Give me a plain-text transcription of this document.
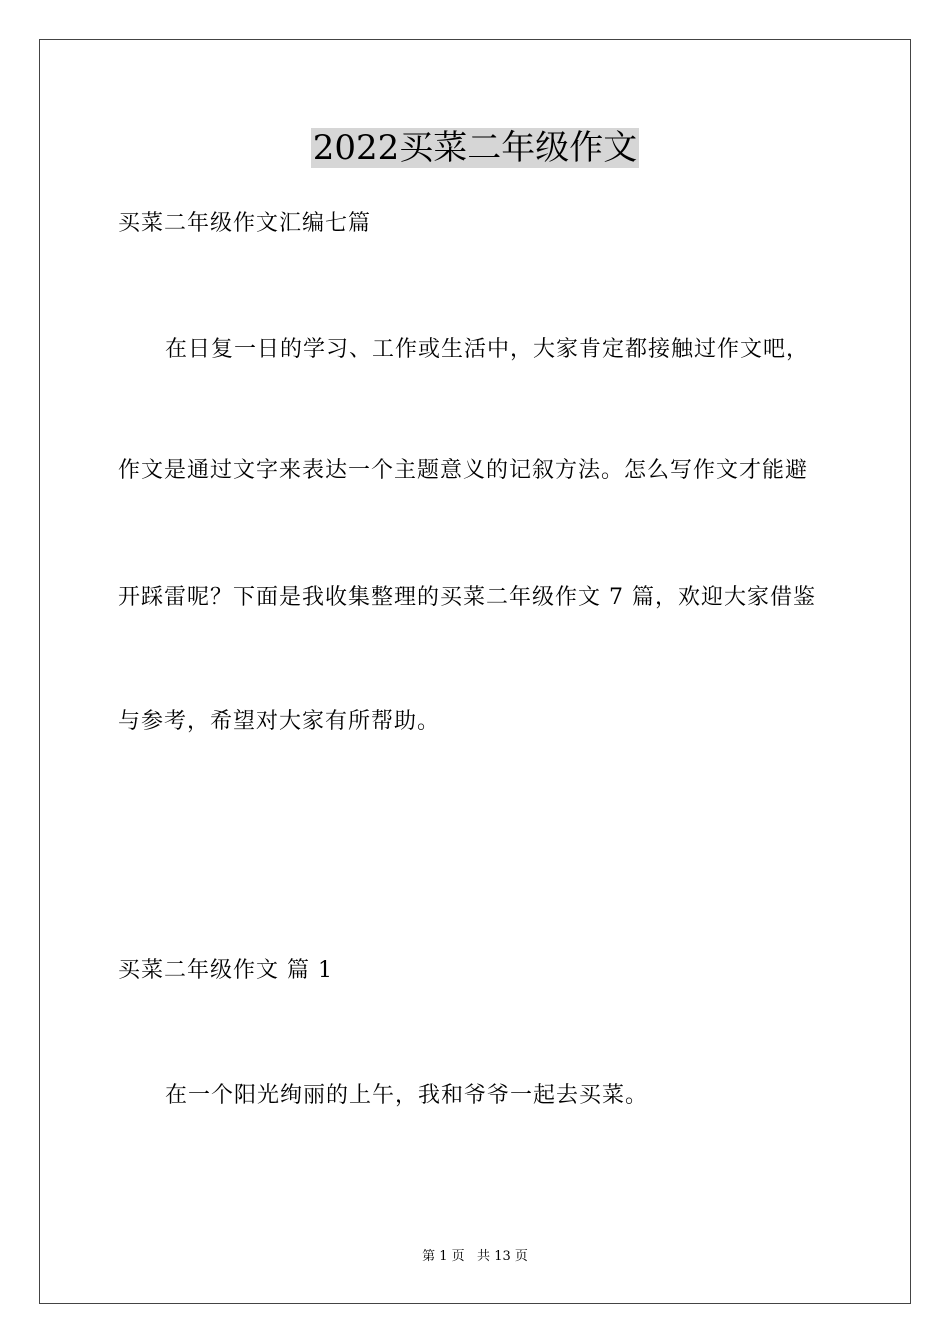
2022买菜二年级作文
买菜二年级作文汇编七篇
在日复一日的学习、工作或生活中，大家肯定都接触过作文吧，
作文是通过文字来表达一个主题意义的记叙方法。怎么写作文才能避
开踩雷呢？下面是我收集整理的买菜二年级作文 7 篇，欢迎大家借鉴
与参考，希望对大家有所帮助。
买菜二年级作文 篇 1
在一个阳光绚丽的上午，我和爷爷一起去买菜。
第 1 页   共 13 页
